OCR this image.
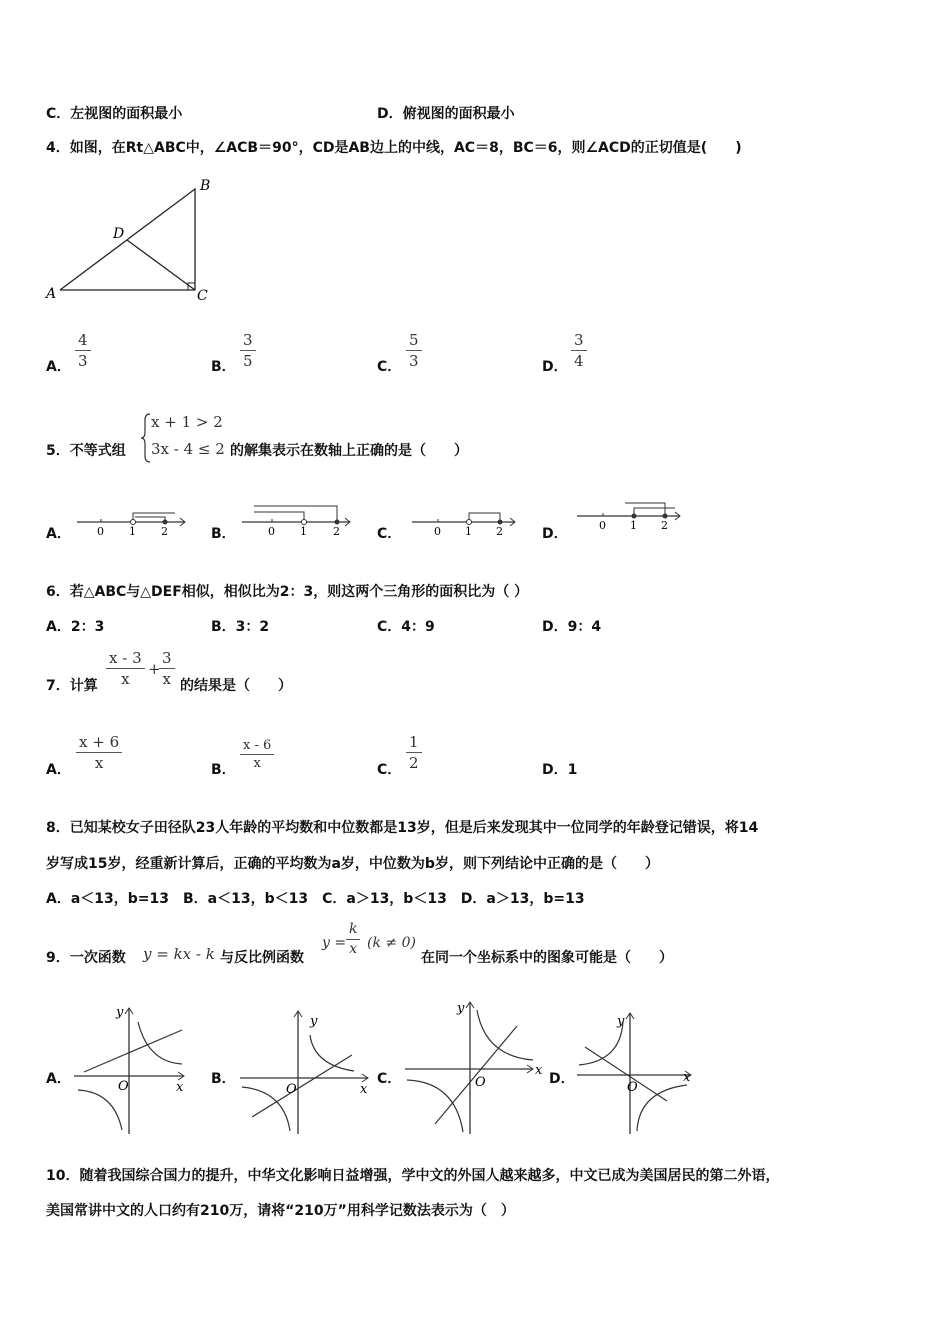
C．左视图的面积最小	D．俯视图的面积最小
4．如图，在Rt△ABC中，∠ACB＝90°，CD是AB边上的中线，AC＝8，BC＝6，则∠ACD的正切值是(　　)
A
B
C
D
A．
4
3	B．
3
5	C．
5
3	D．
3
4
5．不等式组
x + 1 > 2
3x - 4 ≤ 2 的解集表示在数轴上正确的是（　　）
A． 0 1 2	B．	0 1 2	C．	0 1 2	D．
0 1 2
6．若△ABC与△DEF相似，相似比为2：3，则这两个三角形的面积比为（ ）
A．2：3	B．3：2	C．4：9	D．9：4
7．计算
x - 3
x
+
3
x 的结果是（　　）
A．
x + 6
x	B．
x - 6
x	C．
1
2	D．1
8．已知某校女子田径队23人年龄的平均数和中位数都是13岁，但是后来发现其中一位同学的年龄登记错误，将14
岁写成15岁，经重新计算后，正确的平均数为a岁，中位数为b岁，则下列结论中正确的是（　　）
A．a＜13，b=13　B．a＜13，b＜13　C．a＞13，b＜13　D．a＞13，b=13
9．一次函数 y = kx - k 与反比例函数
y =
k
x (k ≠ 0)
在同一个坐标系中的图象可能是（　　）
A．
y
x
O	B．
y
x
O
C．
y
x
O	D．
y
x
O
10．随着我国综合国力的提升，中华文化影响日益增强，学中文的外国人越来越多，中文已成为美国居民的第二外语，
美国常讲中文的人口约有210万，请将“210万”用科学记数法表示为（　）
